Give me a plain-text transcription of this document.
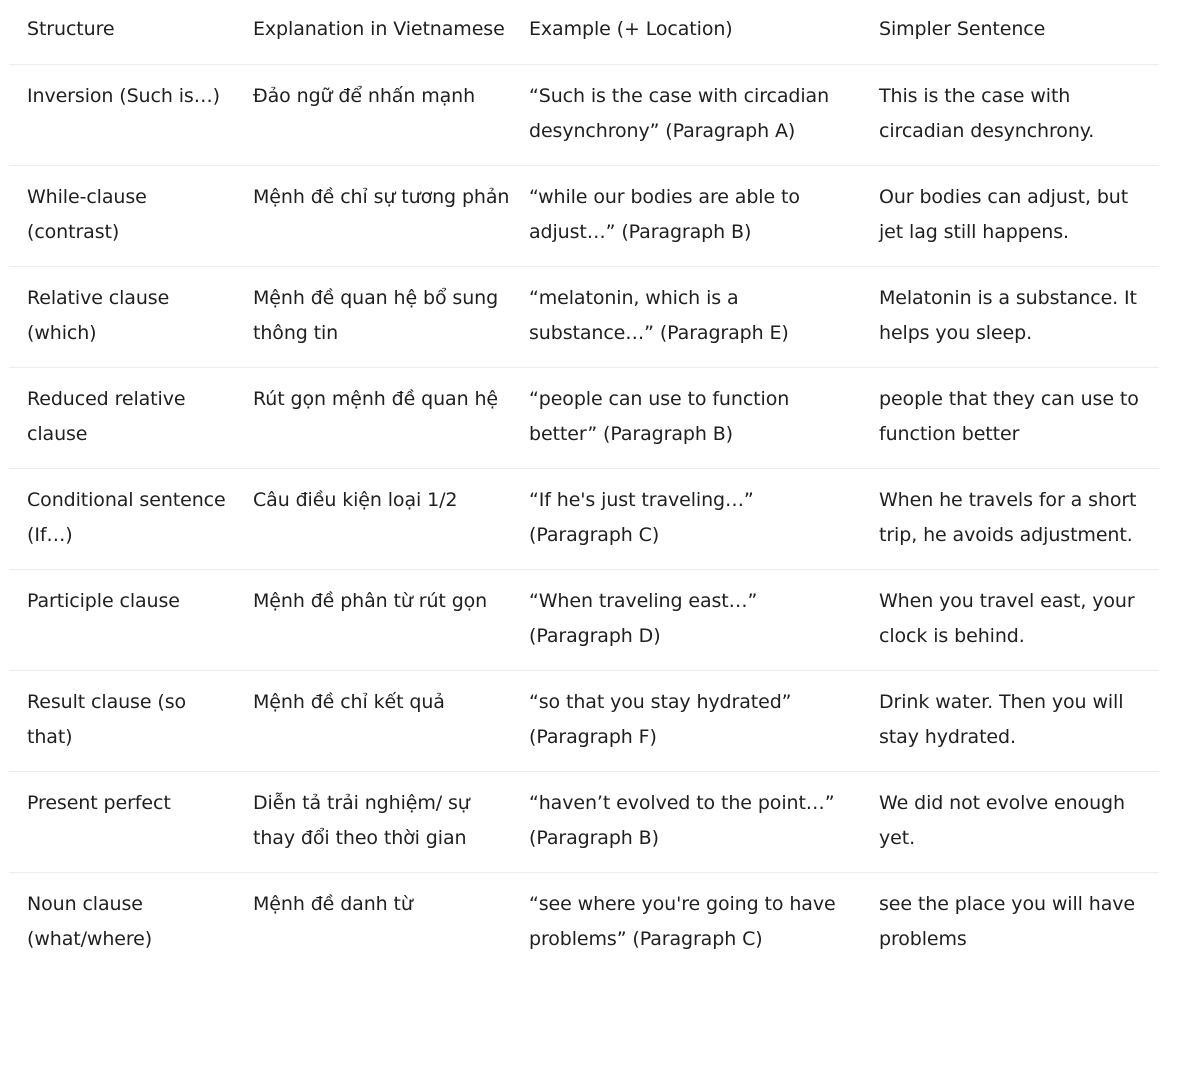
Structure	Explanation in Vietnamese	Example (+ Location)	Simpler Sentence
Inversion (Such is…)	Đảo ngữ để nhấn mạnh	“Such is the case with circadian desynchrony” (Paragraph A)	This is the case with circadian desynchrony.
While-clause (contrast)	Mệnh đề chỉ sự tương phản	“while our bodies are able to adjust…” (Paragraph B)	Our bodies can adjust, but jet lag still happens.
Relative clause (which)	Mệnh đề quan hệ bổ sung thông tin	“melatonin, which is a substance…” (Paragraph E)	Melatonin is a substance. It helps you sleep.
Reduced relative clause	Rút gọn mệnh đề quan hệ	“people can use to function better” (Paragraph B)	people that they can use to function better
Conditional sentence (If…)	Câu điều kiện loại 1/2	“If he's just traveling…” (Paragraph C)	When he travels for a short trip, he avoids adjustment.
Participle clause	Mệnh đề phân từ rút gọn	“When traveling east…” (Paragraph D)	When you travel east, your clock is behind.
Result clause (so that)	Mệnh đề chỉ kết quả	“so that you stay hydrated” (Paragraph F)	Drink water. Then you will stay hydrated.
Present perfect	Diễn tả trải nghiệm/ sự thay đổi theo thời gian	“haven’t evolved to the point…” (Paragraph B)	We did not evolve enough yet.
Noun clause (what/where)	Mệnh đề danh từ	“see where you're going to have problems” (Paragraph C)	see the place you will have problems
